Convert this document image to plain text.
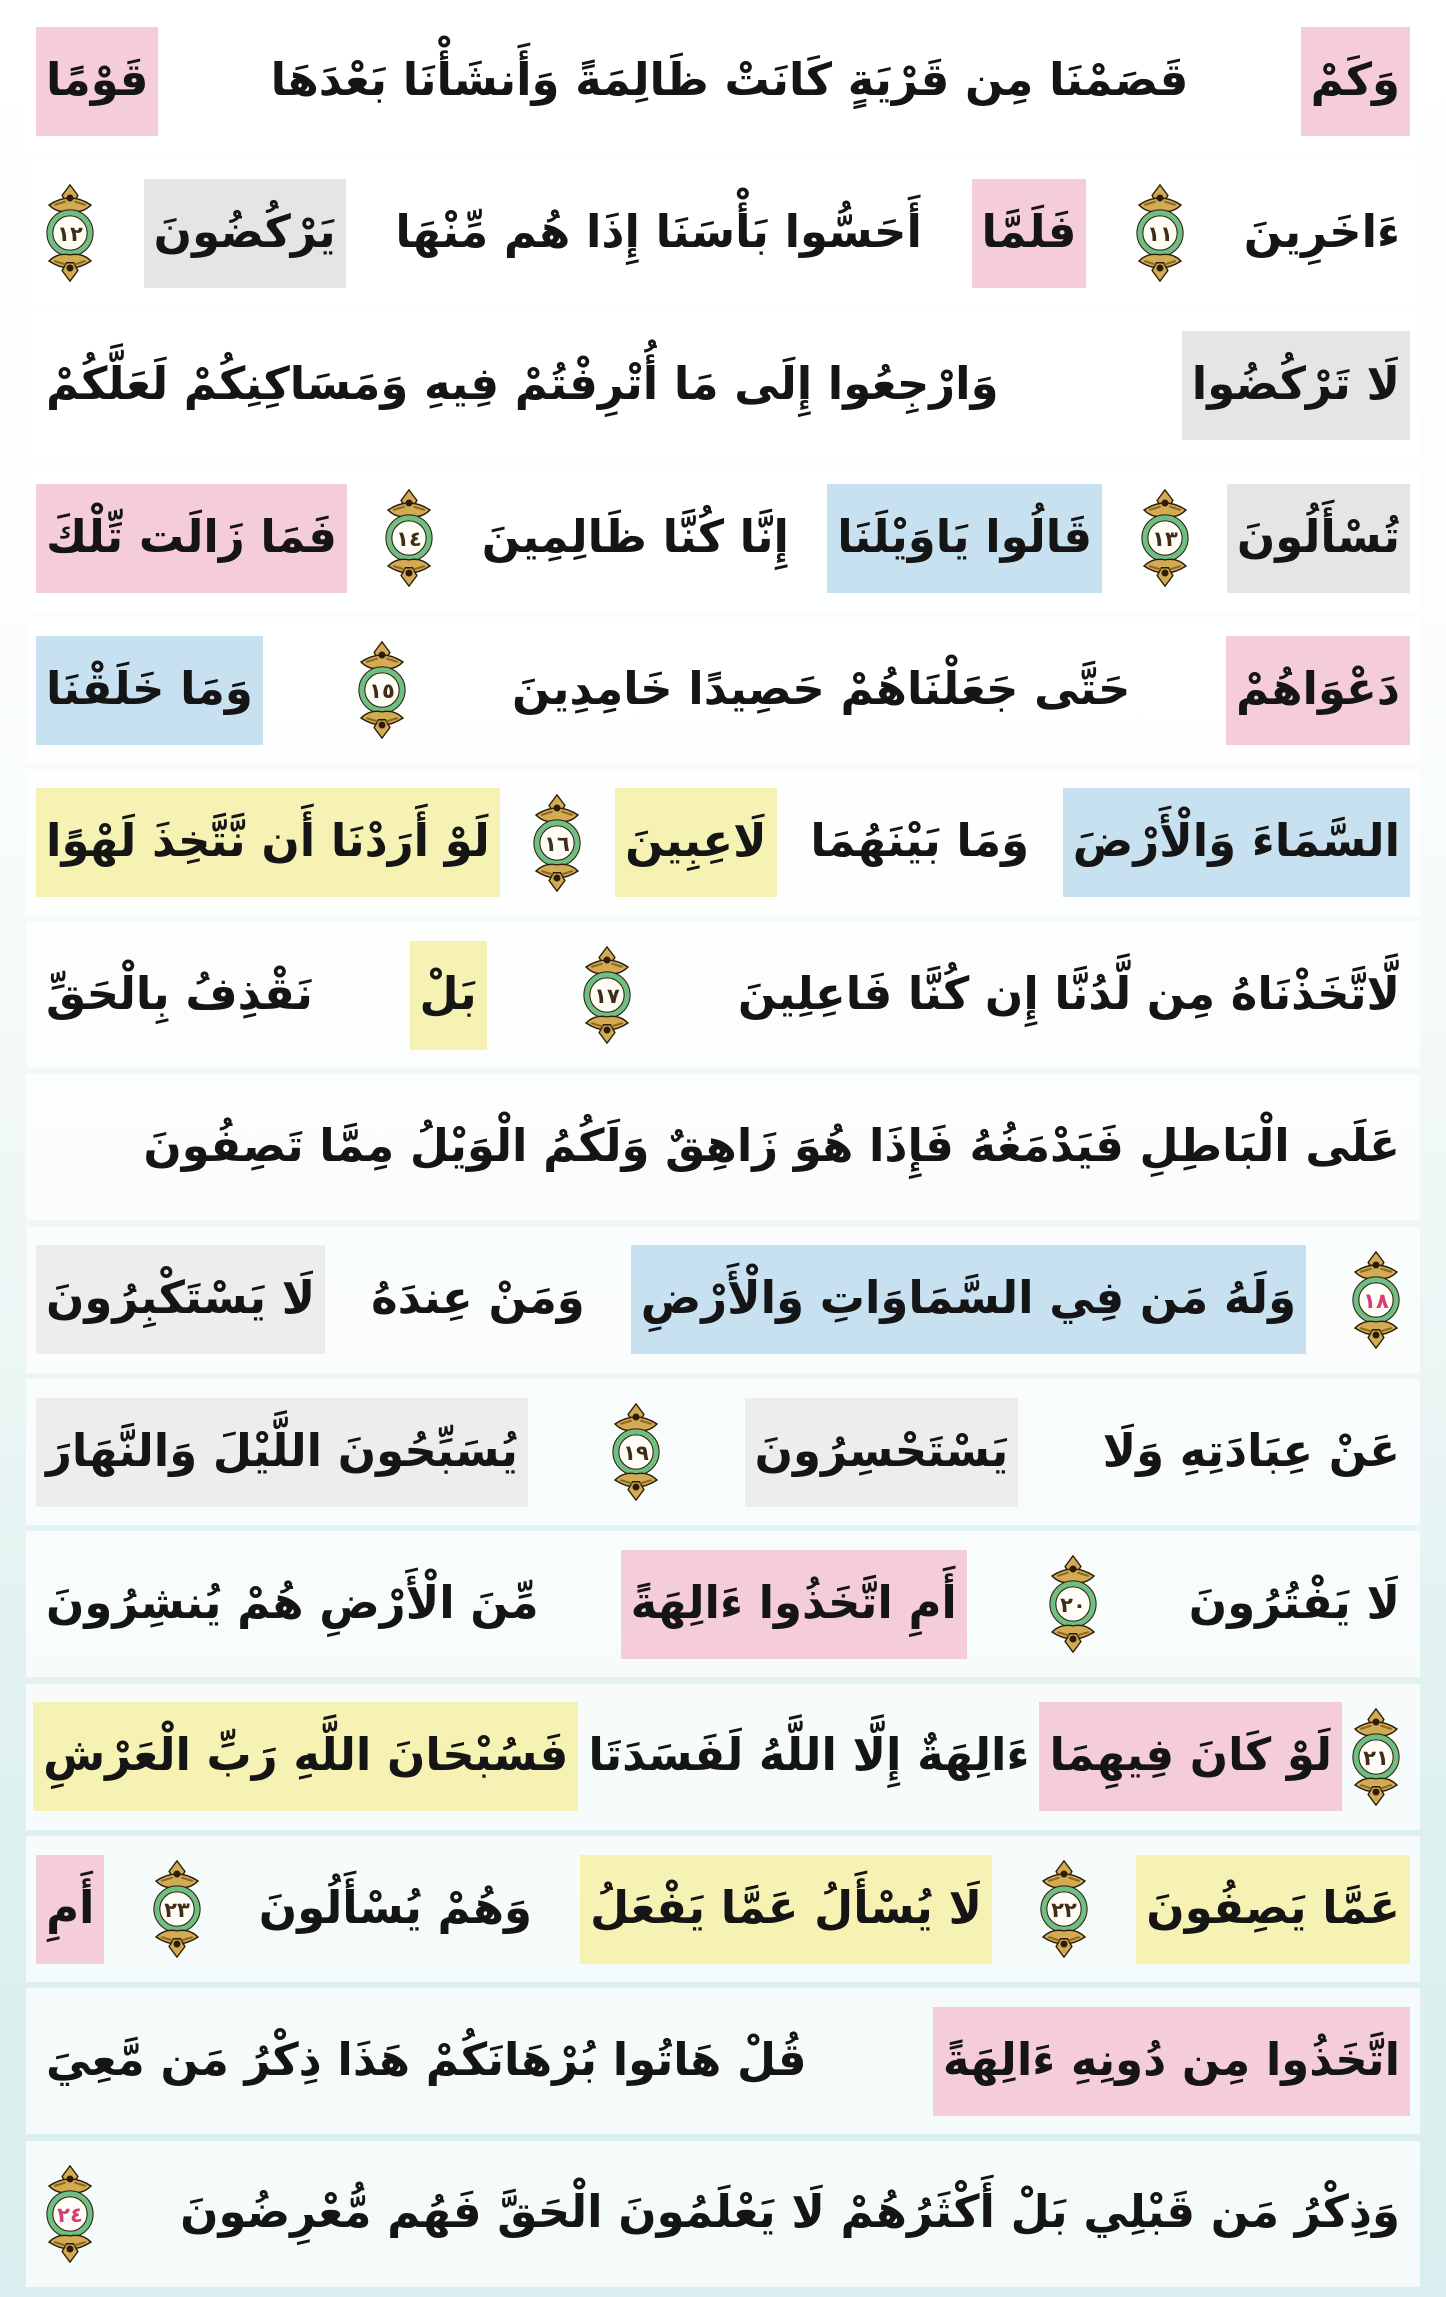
وَكَمْ
قَصَمْنَا مِن قَرْيَةٍ كَانَتْ ظَالِمَةً وَأَنشَأْنَا بَعْدَهَا
قَوْمًا
ءَاخَرِينَ
١١
فَلَمَّا
أَحَسُّوا بَأْسَنَا إِذَا هُم مِّنْهَا
يَرْكُضُونَ
١٢
لَا تَرْكُضُوا
وَارْجِعُوا إِلَى مَا أُتْرِفْتُمْ فِيهِ وَمَسَاكِنِكُمْ لَعَلَّكُمْ
تُسْأَلُونَ
١٣
قَالُوا يَاوَيْلَنَا
إِنَّا كُنَّا ظَالِمِينَ
١٤
فَمَا زَالَت تِّلْكَ
دَعْوَاهُمْ
حَتَّى جَعَلْنَاهُمْ حَصِيدًا خَامِدِينَ
١٥
وَمَا خَلَقْنَا
السَّمَاءَ وَالْأَرْضَ
وَمَا بَيْنَهُمَا
لَاعِبِينَ
١٦
لَوْ أَرَدْنَا أَن نَّتَّخِذَ لَهْوًا
لَّاتَّخَذْنَاهُ مِن لَّدُنَّا إِن كُنَّا فَاعِلِينَ
١٧
بَلْ
نَقْذِفُ بِالْحَقِّ
عَلَى الْبَاطِلِ فَيَدْمَغُهُ فَإِذَا هُوَ زَاهِقٌ وَلَكُمُ الْوَيْلُ مِمَّا تَصِفُونَ
١٨
وَلَهُ مَن فِي السَّمَاوَاتِ وَالْأَرْضِ
وَمَنْ عِندَهُ
لَا يَسْتَكْبِرُونَ
عَنْ عِبَادَتِهِ وَلَا
يَسْتَحْسِرُونَ
١٩
يُسَبِّحُونَ اللَّيْلَ وَالنَّهَارَ
لَا يَفْتُرُونَ
٢٠
أَمِ اتَّخَذُوا ءَالِهَةً
مِّنَ الْأَرْضِ هُمْ يُنشِرُونَ
٢١
لَوْ كَانَ فِيهِمَا
ءَالِهَةٌ إِلَّا اللَّهُ لَفَسَدَتَا
فَسُبْحَانَ اللَّهِ رَبِّ الْعَرْشِ
عَمَّا يَصِفُونَ
٢٢
لَا يُسْأَلُ عَمَّا يَفْعَلُ
وَهُمْ يُسْأَلُونَ
٢٣
أَمِ
اتَّخَذُوا مِن دُونِهِ ءَالِهَةً
قُلْ هَاتُوا بُرْهَانَكُمْ هَذَا ذِكْرُ مَن مَّعِيَ
وَذِكْرُ مَن قَبْلِي بَلْ أَكْثَرُهُمْ لَا يَعْلَمُونَ الْحَقَّ فَهُم مُّعْرِضُونَ
٢٤
